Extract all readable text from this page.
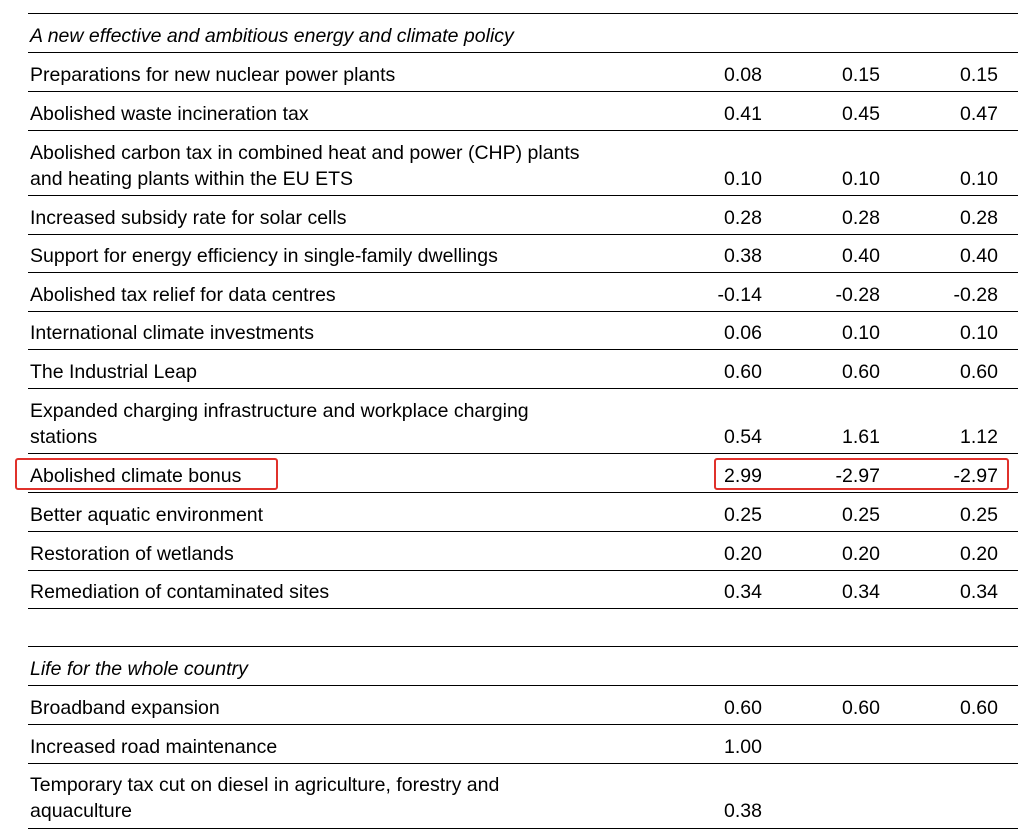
A new effective and ambitious energy and climate policy
Preparations for new nuclear power plants	0.08	0.15	0.15
Abolished waste incineration tax	0.41	0.45	0.47
Abolished carbon tax in combined heat and power (CHP) plants
and heating plants within the EU ETS	0.10	0.10	0.10
Increased subsidy rate for solar cells	0.28	0.28	0.28
Support for energy efficiency in single-family dwellings	0.38	0.40	0.40
Abolished tax relief for data centres	-0.14	-0.28	-0.28
International climate investments	0.06	0.10	0.10
The Industrial Leap	0.60	0.60	0.60
Expanded charging infrastructure and workplace charging
stations	0.54	1.61	1.12
Abolished climate bonus	2.99	-2.97	-2.97
Better aquatic environment	0.25	0.25	0.25
Restoration of wetlands	0.20	0.20	0.20
Remediation of contaminated sites	0.34	0.34	0.34
Life for the whole country
Broadband expansion	0.60	0.60	0.60
Increased road maintenance	1.00
Temporary tax cut on diesel in agriculture, forestry and
aquaculture	0.38
